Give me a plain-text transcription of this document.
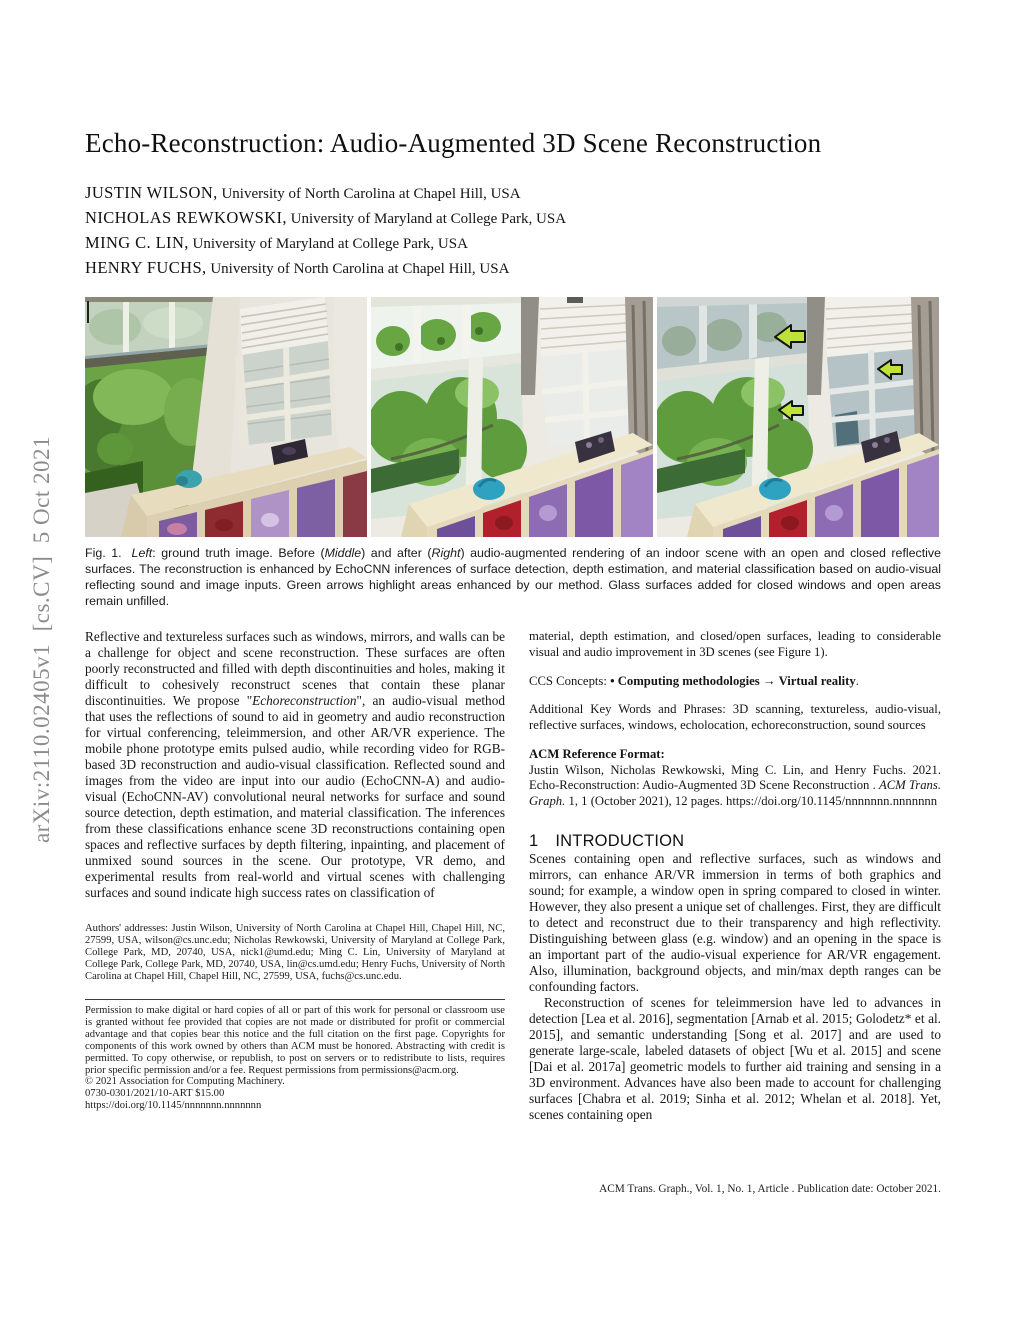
arXiv:2110.02405v1  [cs.CV]  5 Oct 2021
Echo-Reconstruction: Audio-Augmented 3D Scene Reconstruction
JUSTIN WILSON, University of North Carolina at Chapel Hill, USA
NICHOLAS REWKOWSKI, University of Maryland at College Park, USA
MING C. LIN, University of Maryland at College Park, USA
HENRY FUCHS, University of North Carolina at Chapel Hill, USA
Fig. 1. Left: ground truth image. Before (Middle) and after (Right) audio-augmented rendering of an indoor scene with an open and closed reflective surfaces. The reconstruction is enhanced by EchoCNN inferences of surface detection, depth estimation, and material classification based on audio-visual reflecting sound and image inputs. Green arrows highlight areas enhanced by our method. Glass surfaces added for closed windows and open areas remain unfilled.

Reflective and textureless surfaces such as windows, mirrors, and walls can be a challenge for object and scene reconstruction. These surfaces are often poorly reconstructed and filled with depth discontinuities and holes, making it difficult to cohesively reconstruct scenes that contain these planar discontinuities. We propose "Echoreconstruction", an audio-visual method that uses the reflections of sound to aid in geometry and audio reconstruction for virtual conferencing, teleimmersion, and other AR/VR experience. The mobile phone prototype emits pulsed audio, while recording video for RGB-based 3D reconstruction and audio-visual classification. Reflected sound and images from the video are input into our audio (EchoCNN-A) and audio-visual (EchoCNN-AV) convolutional neural networks for surface and sound source detection, depth estimation, and material classification. The inferences from these classifications enhance scene 3D reconstructions containing open spaces and reflective surfaces by depth filtering, inpainting, and placement of unmixed sound sources in the scene. Our prototype, VR demo, and experimental results from real-world and virtual scenes with challenging surfaces and sound indicate high success rates on classification of

Authors' addresses: Justin Wilson, University of North Carolina at Chapel Hill, Chapel Hill, NC, 27599, USA, wilson@cs.unc.edu; Nicholas Rewkowski, University of Maryland at College Park, College Park, MD, 20740, USA, nick1@umd.edu; Ming C. Lin, University of Maryland at College Park, College Park, MD, 20740, USA, lin@cs.umd.edu; Henry Fuchs, University of North Carolina at Chapel Hill, Chapel Hill, NC, 27599, USA, fuchs@cs.unc.edu.
Permission to make digital or hard copies of all or part of this work for personal or classroom use is granted without fee provided that copies are not made or distributed for profit or commercial advantage and that copies bear this notice and the full citation on the first page. Copyrights for components of this work owned by others than ACM must be honored. Abstracting with credit is permitted. To copy otherwise, or republish, to post on servers or to redistribute to lists, requires prior specific permission and/or a fee. Request permissions from permissions@acm.org.
© 2021 Association for Computing Machinery.
0730-0301/2021/10-ART $15.00
https://doi.org/10.1145/nnnnnnn.nnnnnnn

material, depth estimation, and closed/open surfaces, leading to considerable visual and audio improvement in 3D scenes (see Figure 1).

CCS Concepts: • Computing methodologies → Virtual reality.
Additional Key Words and Phrases: 3D scanning, textureless, audio-visual, reflective surfaces, windows, echolocation, echoreconstruction, sound sources
ACM Reference Format:
Justin Wilson, Nicholas Rewkowski, Ming C. Lin, and Henry Fuchs. 2021. Echo-Reconstruction: Audio-Augmented 3D Scene Reconstruction . ACM Trans. Graph. 1, 1 (October 2021), 12 pages. https://doi.org/10.1145/nnnnnnn.nnnnnnn
1 INTRODUCTION

Scenes containing open and reflective surfaces, such as windows and mirrors, can enhance AR/VR immersion in terms of both graphics and sound; for example, a window open in spring compared to closed in winter. However, they also present a unique set of challenges. First, they are difficult to detect and reconstruct due to their transparency and high reflectivity. Distinguishing between glass (e.g. window) and an opening in the space is an important part of the audio-visual experience for AR/VR engagement. Also, illumination, background objects, and min/max depth ranges can be confounding factors.

Reconstruction of scenes for teleimmersion have led to advances in detection [Lea et al. 2016], segmentation [Arnab et al. 2015; Golodetz* et al. 2015], and semantic understanding [Song et al. 2017] and are used to generate large-scale, labeled datasets of object [Wu et al. 2015] and scene [Dai et al. 2017a] geometric models to further aid training and sensing in a 3D environment. Advances have also been made to account for challenging surfaces [Chabra et al. 2019; Sinha et al. 2012; Whelan et al. 2018]. Yet, scenes containing open

ACM Trans. Graph., Vol. 1, No. 1, Article . Publication date: October 2021.
